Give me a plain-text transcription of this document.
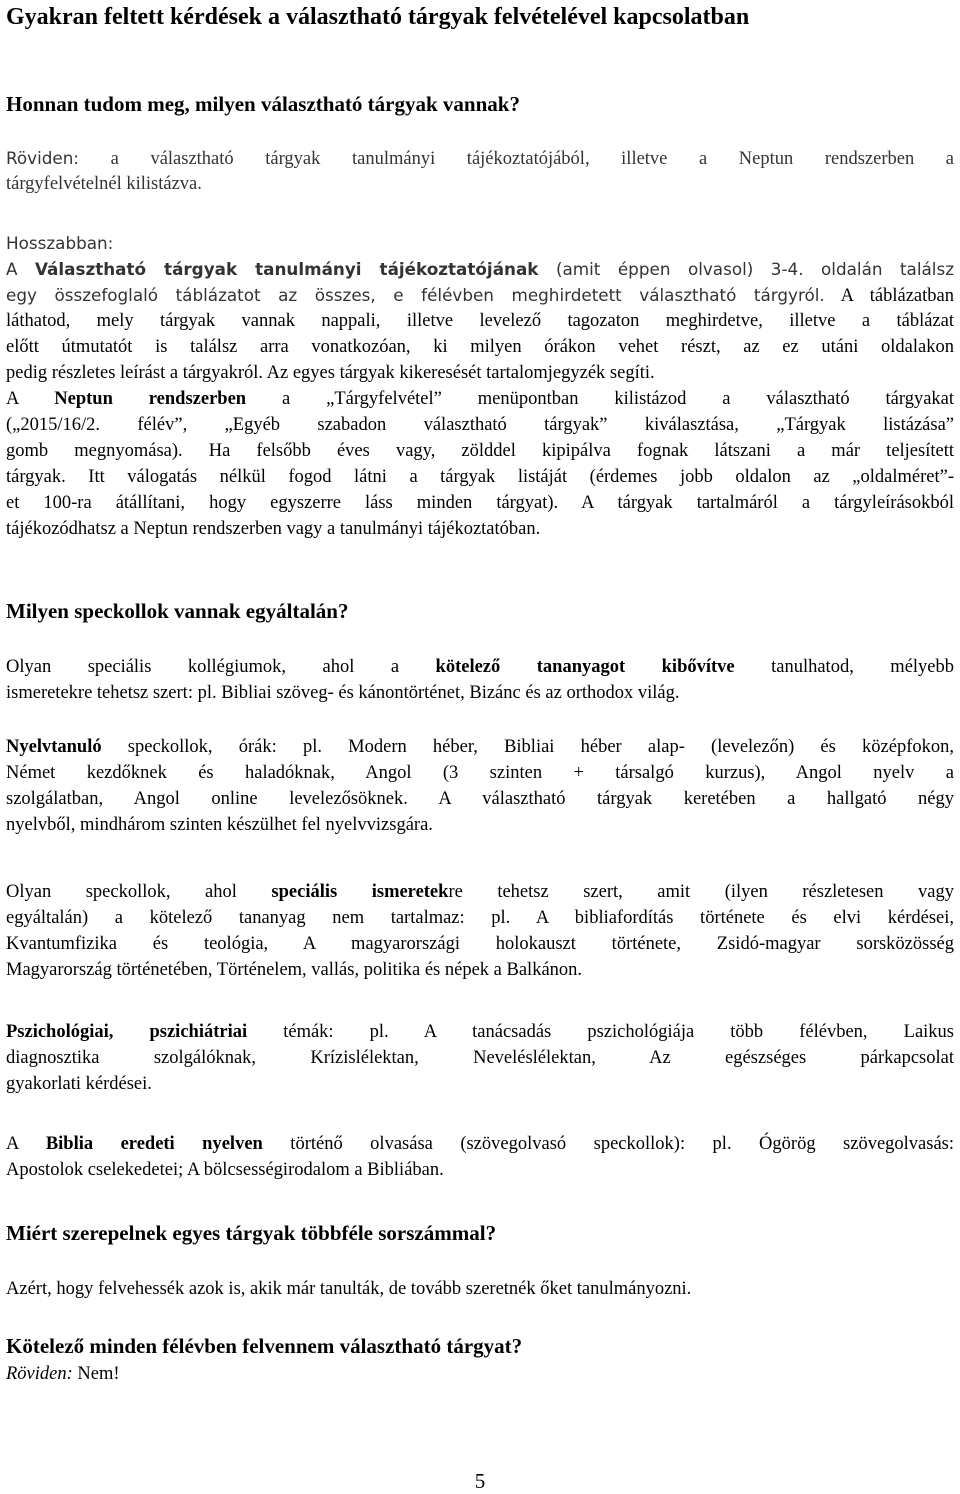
Gyakran feltett kérdések a választható tárgyak felvételével kapcsolatban
Honnan tudom meg, milyen választható tárgyak vannak?
Röviden: a választható tárgyak tanulmányi tájékoztatójából, illetve a Neptun rendszerben a
tárgyfelvételnél kilistázva.
Hosszabban:
A Választható tárgyak tanulmányi tájékoztatójának (amit éppen olvasol) 3-4. oldalán találsz
egy összefoglaló táblázatot az összes, e félévben meghirdetett választható tárgyról. A táblázatban
láthatod, mely tárgyak vannak nappali, illetve levelező tagozaton meghirdetve, illetve a táblázat
előtt útmutatót is találsz arra vonatkozóan, ki milyen órákon vehet részt, az ez utáni oldalakon
pedig részletes leírást a tárgyakról. Az egyes tárgyak kikeresését tartalomjegyzék segíti.
A Neptun rendszerben a „Tárgyfelvétel” menüpontban kilistázod a választható tárgyakat
(„2015/16/2. félév”, „Egyéb szabadon választható tárgyak” kiválasztása, „Tárgyak listázása”
gomb megnyomása). Ha felsőbb éves vagy, zölddel kipipálva fognak látszani a már teljesített
tárgyak. Itt válogatás nélkül fogod látni a tárgyak listáját (érdemes jobb oldalon az „oldalméret”-
et 100-ra átállítani, hogy egyszerre láss minden tárgyat). A tárgyak tartalmáról a tárgyleírásokból
tájékozódhatsz a Neptun rendszerben vagy a tanulmányi tájékoztatóban.
Milyen speckollok vannak egyáltalán?
Olyan speciális kollégiumok, ahol a kötelező tananyagot kibővítve tanulhatod, mélyebb
ismeretekre tehetsz szert: pl. Bibliai szöveg- és kánontörténet, Bizánc és az orthodox világ.
Nyelvtanuló speckollok, órák: pl. Modern héber, Bibliai héber alap- (levelezőn) és középfokon,
Német kezdőknek és haladóknak, Angol (3 szinten + társalgó kurzus), Angol nyelv a
szolgálatban, Angol online levelezősöknek. A választható tárgyak keretében a hallgató négy
nyelvből, mindhárom szinten készülhet fel nyelvvizsgára.
Olyan speckollok, ahol speciális ismeretekre tehetsz szert, amit (ilyen részletesen vagy
egyáltalán) a kötelező tananyag nem tartalmaz: pl. A bibliafordítás története és elvi kérdései,
Kvantumfizika és teológia, A magyarországi holokauszt története, Zsidó-magyar sorsközösség
Magyarország történetében, Történelem, vallás, politika és népek a Balkánon.
Pszichológiai, pszichiátriai témák: pl. A tanácsadás pszichológiája több félévben, Laikus
diagnosztika szolgálóknak, Krízislélektan, Neveléslélektan, Az egészséges párkapcsolat
gyakorlati kérdései.
A Biblia eredeti nyelven történő olvasása (szövegolvasó speckollok): pl. Ógörög szövegolvasás:
Apostolok cselekedetei; A bölcsességirodalom a Bibliában.
Miért szerepelnek egyes tárgyak többféle sorszámmal?
Azért, hogy felvehessék azok is, akik már tanulták, de tovább szeretnék őket tanulmányozni.
Kötelező minden félévben felvennem választható tárgyat?
Röviden: Nem!
5
